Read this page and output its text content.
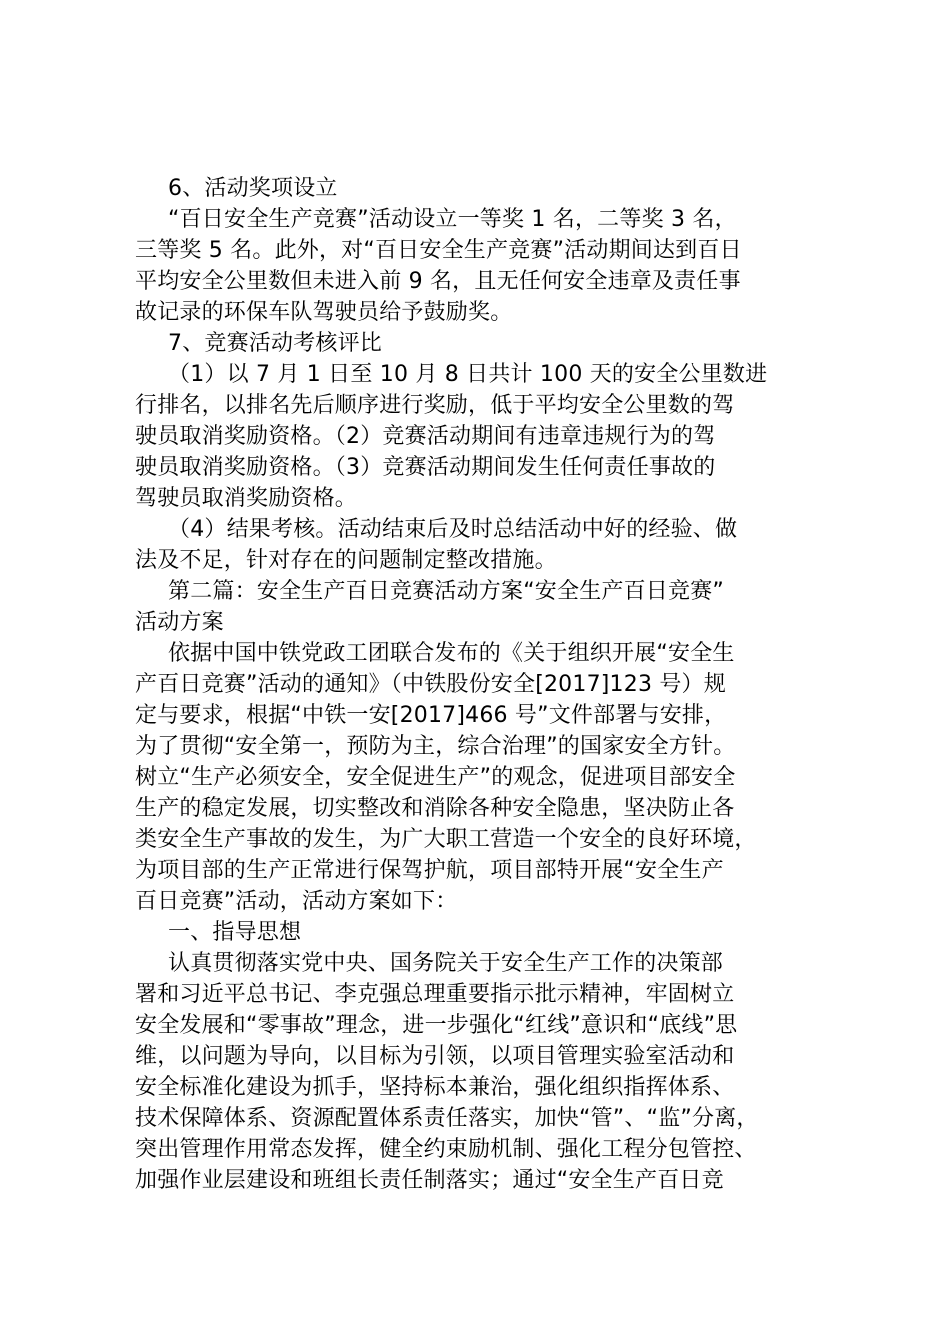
6、活动奖项设立
“百日安全生产竞赛”活动设立一等奖 1 名，二等奖 3 名，
三等奖 5 名。此外，对“百日安全生产竞赛”活动期间达到百日
平均安全公里数但未进入前 9 名，且无任何安全违章及责任事
故记录的环保车队驾驶员给予鼓励奖。
7、竞赛活动考核评比
（1）以 7 月 1 日至 10 月 8 日共计 100 天的安全公里数进
行排名，以排名先后顺序进行奖励，低于平均安全公里数的驾
驶员取消奖励资格。（2）竞赛活动期间有违章违规行为的驾
驶员取消奖励资格。（3）竞赛活动期间发生任何责任事故的
驾驶员取消奖励资格。
（4）结果考核。活动结束后及时总结活动中好的经验、做
法及不足，针对存在的问题制定整改措施。
第二篇：安全生产百日竞赛活动方案“安全生产百日竞赛”
活动方案
依据中国中铁党政工团联合发布的《关于组织开展“安全生
产百日竞赛”活动的通知》（中铁股份安全[2017]123 号）规
定与要求，根据“中铁一安[2017]466 号”文件部署与安排，
为了贯彻“安全第一，预防为主，综合治理”的国家安全方针。
树立“生产必须安全，安全促进生产”的观念，促进项目部安全
生产的稳定发展，切实整改和消除各种安全隐患，坚决防止各
类安全生产事故的发生，为广大职工营造一个安全的良好环境，
为项目部的生产正常进行保驾护航，项目部特开展“安全生产
百日竞赛”活动，活动方案如下：
一、指导思想
认真贯彻落实党中央、国务院关于安全生产工作的决策部
署和习近平总书记、李克强总理重要指示批示精神，牢固树立
安全发展和“零事故”理念，进一步强化“红线”意识和“底线”思
维，以问题为导向，以目标为引领，以项目管理实验室活动和
安全标准化建设为抓手，坚持标本兼治，强化组织指挥体系、
技术保障体系、资源配置体系责任落实，加快“管”、“监”分离，
突出管理作用常态发挥，健全约束励机制、强化工程分包管控、
加强作业层建设和班组长责任制落实；通过“安全生产百日竞
